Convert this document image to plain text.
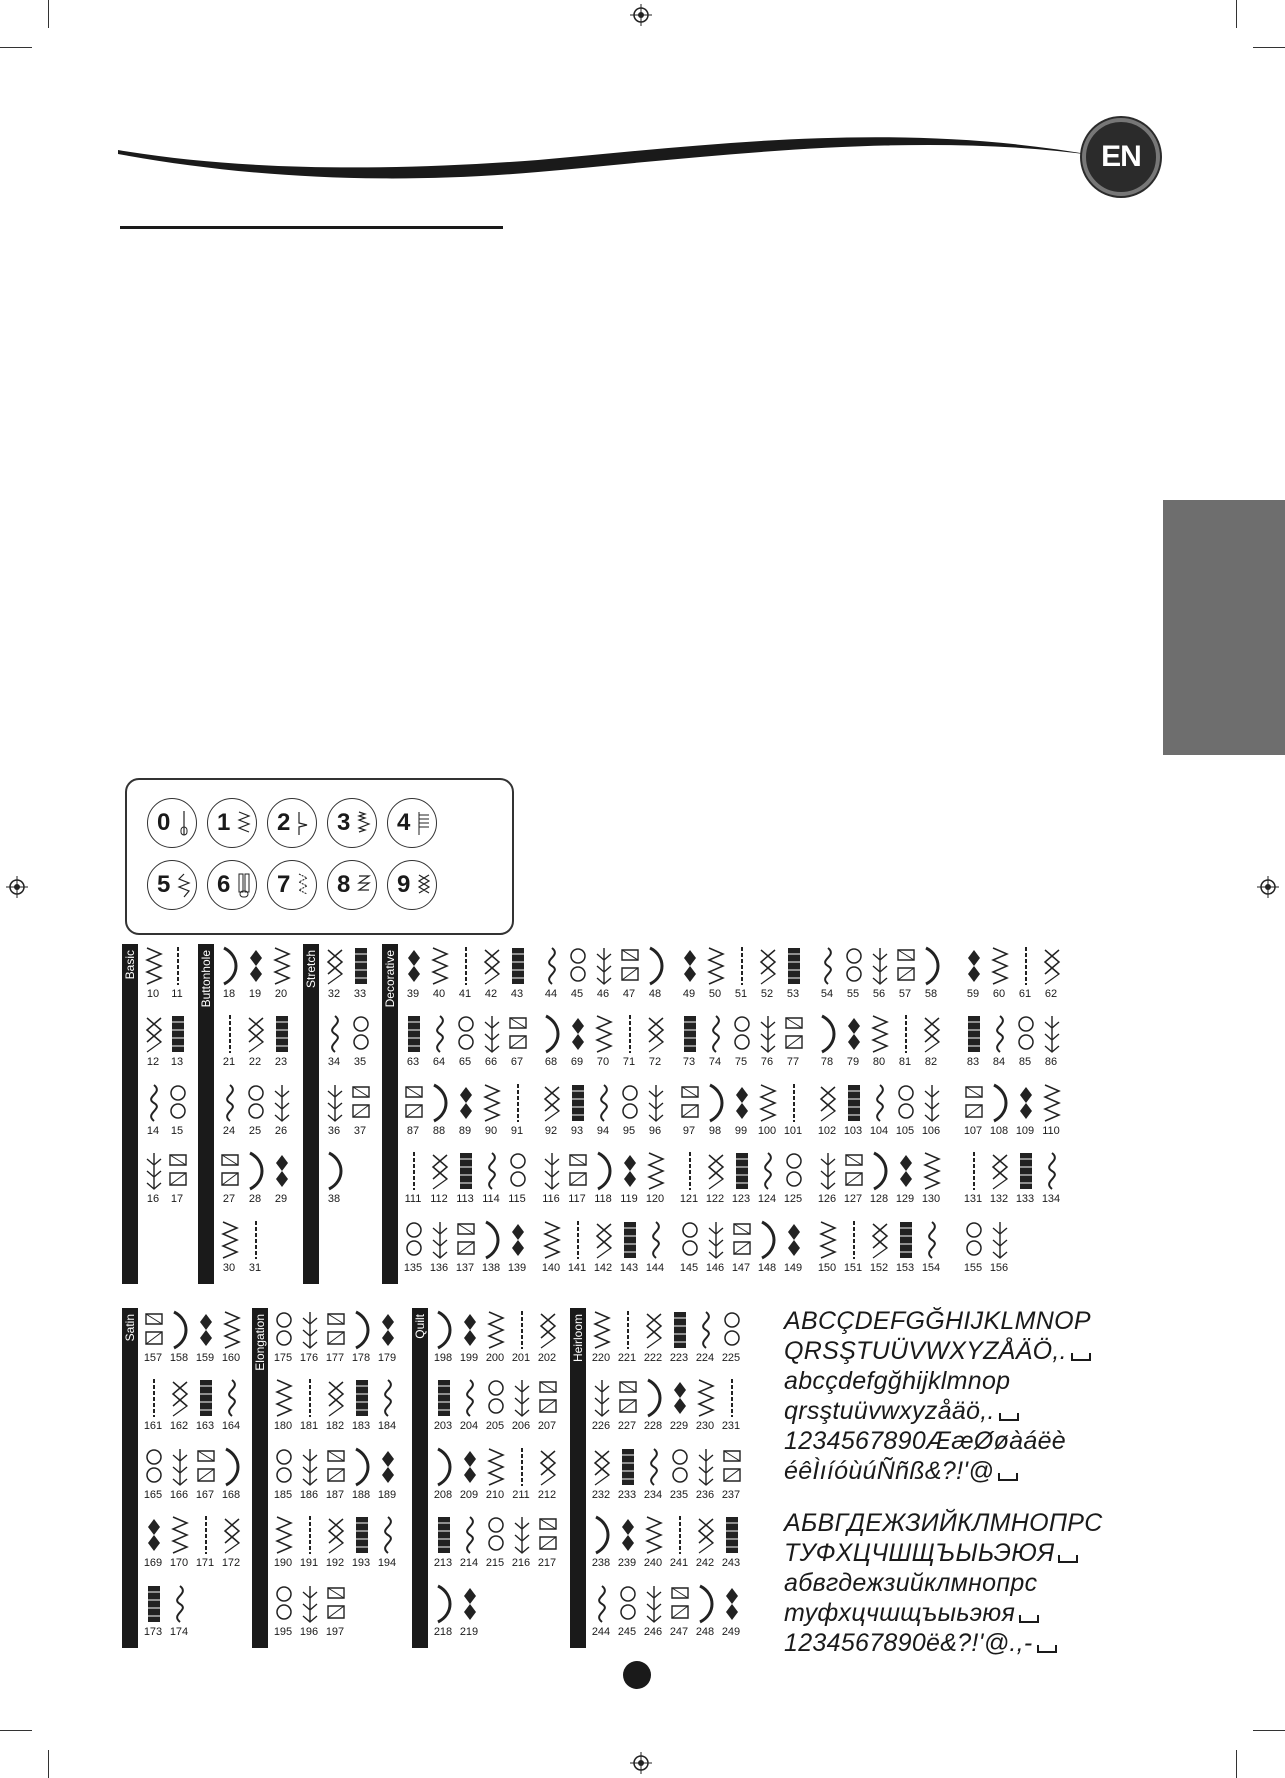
EN
0 1 2 3 4
5 6 7 8 9
Basic
10	11
12	13
14	15
16	17
Buttonhole 18	19	20
21	22	23
24	25	26
27	28	29
30	31
Stretch
32	33
34	35
36	37
38
Decorative 39	40	41	42	43	44	45	46	47	48	49	50	51	52	53	54	55	56	57	58	59	60	61	62
63	64	65	66	67	68	69	70	71	72	73	74	75	76	77	78	79	80	81	82	83	84	85	86
87	88	89	90	91	92	93	94	95	96	97	98	99 100 101	102 103 104 105 106	107 108 109 110
111 112 113 114 115	116 117 118 119 120	121 122 123 124 125	126 127 128 129 130	131 132 133 134
135 136 137 138 139	140 141 142 143 144	145 146 147 148 149	150 151 152 153 154	155 156
Satin
157 158 159 160
161 162 163 164
165 166 167 168
169 170 171 172
173 174
Elongation 175 176 177 178 179
180 181 182 183 184
185 186 187 188 189
190 191 192 193 194
195 196 197
Quilt
198 199 200 201 202
203 204 205 206 207
208 209 210 211 212
213 214 215 216 217
218 219
Heirloom 220 221 222 223 224 225
226 227 228 229 230 231
232 233 234 235 236 237
238 239 240 241 242 243
244 245 246 247 248 249
ABCÇDEFGĞHIJKLMNOP
QRSŞTUÜVWXYZÅÄÖ,.
abcçdefgğhijklmnop
qrsştuüvwxyzåäö,.
1234567890ÆæØøàáëè
éêÌıíóùúÑñß&?!'@
АБВГДЕЖЗИЙКЛМНОПРС
ТУФХЦЧШЩЪЫЬЭЮЯ
абвгдежзийклмнопрс
туфхцчшщъыьэюя
1234567890ё&?!'@.,-
